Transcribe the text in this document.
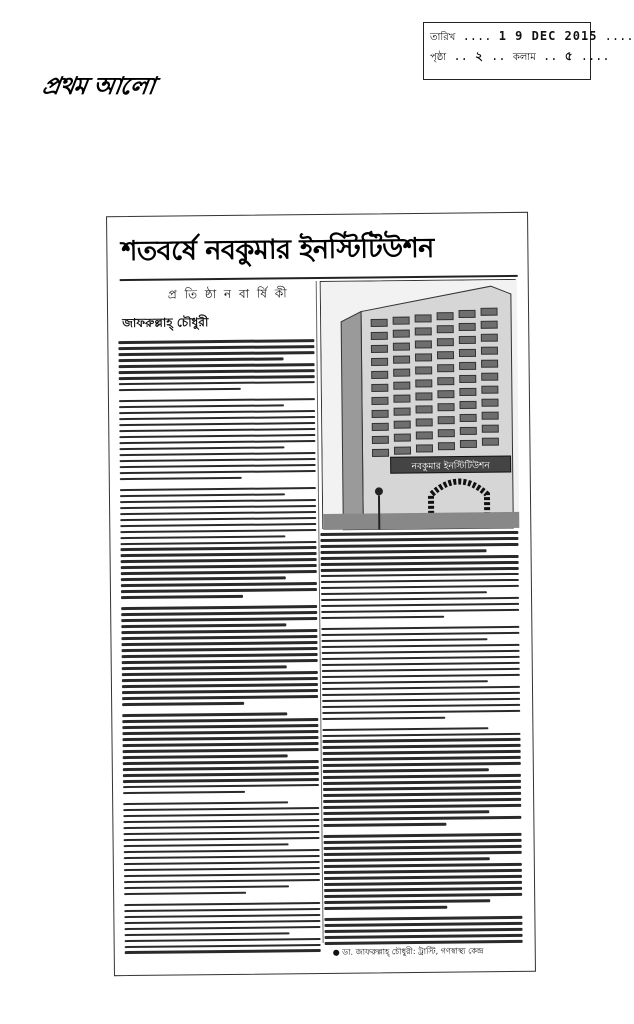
তারিখ .... 1 9 DEC 2015 ....
পৃষ্ঠা .. ২ .. কলাম .. ৫ ....
প্রথম আলো
শতবর্ষে নবকুমার ইনস্টিটিউশন
প্র তি ষ্ঠা ন বা র্ষি কী
জাফরুল্লাহ্ চৌধুরী
নবকুমার ইনস্টিটিউশন
● ডা. জাফরুল্লাহ্ চৌধুরী: ট্রাস্টি, গণস্বাস্থ্য কেন্দ্র
